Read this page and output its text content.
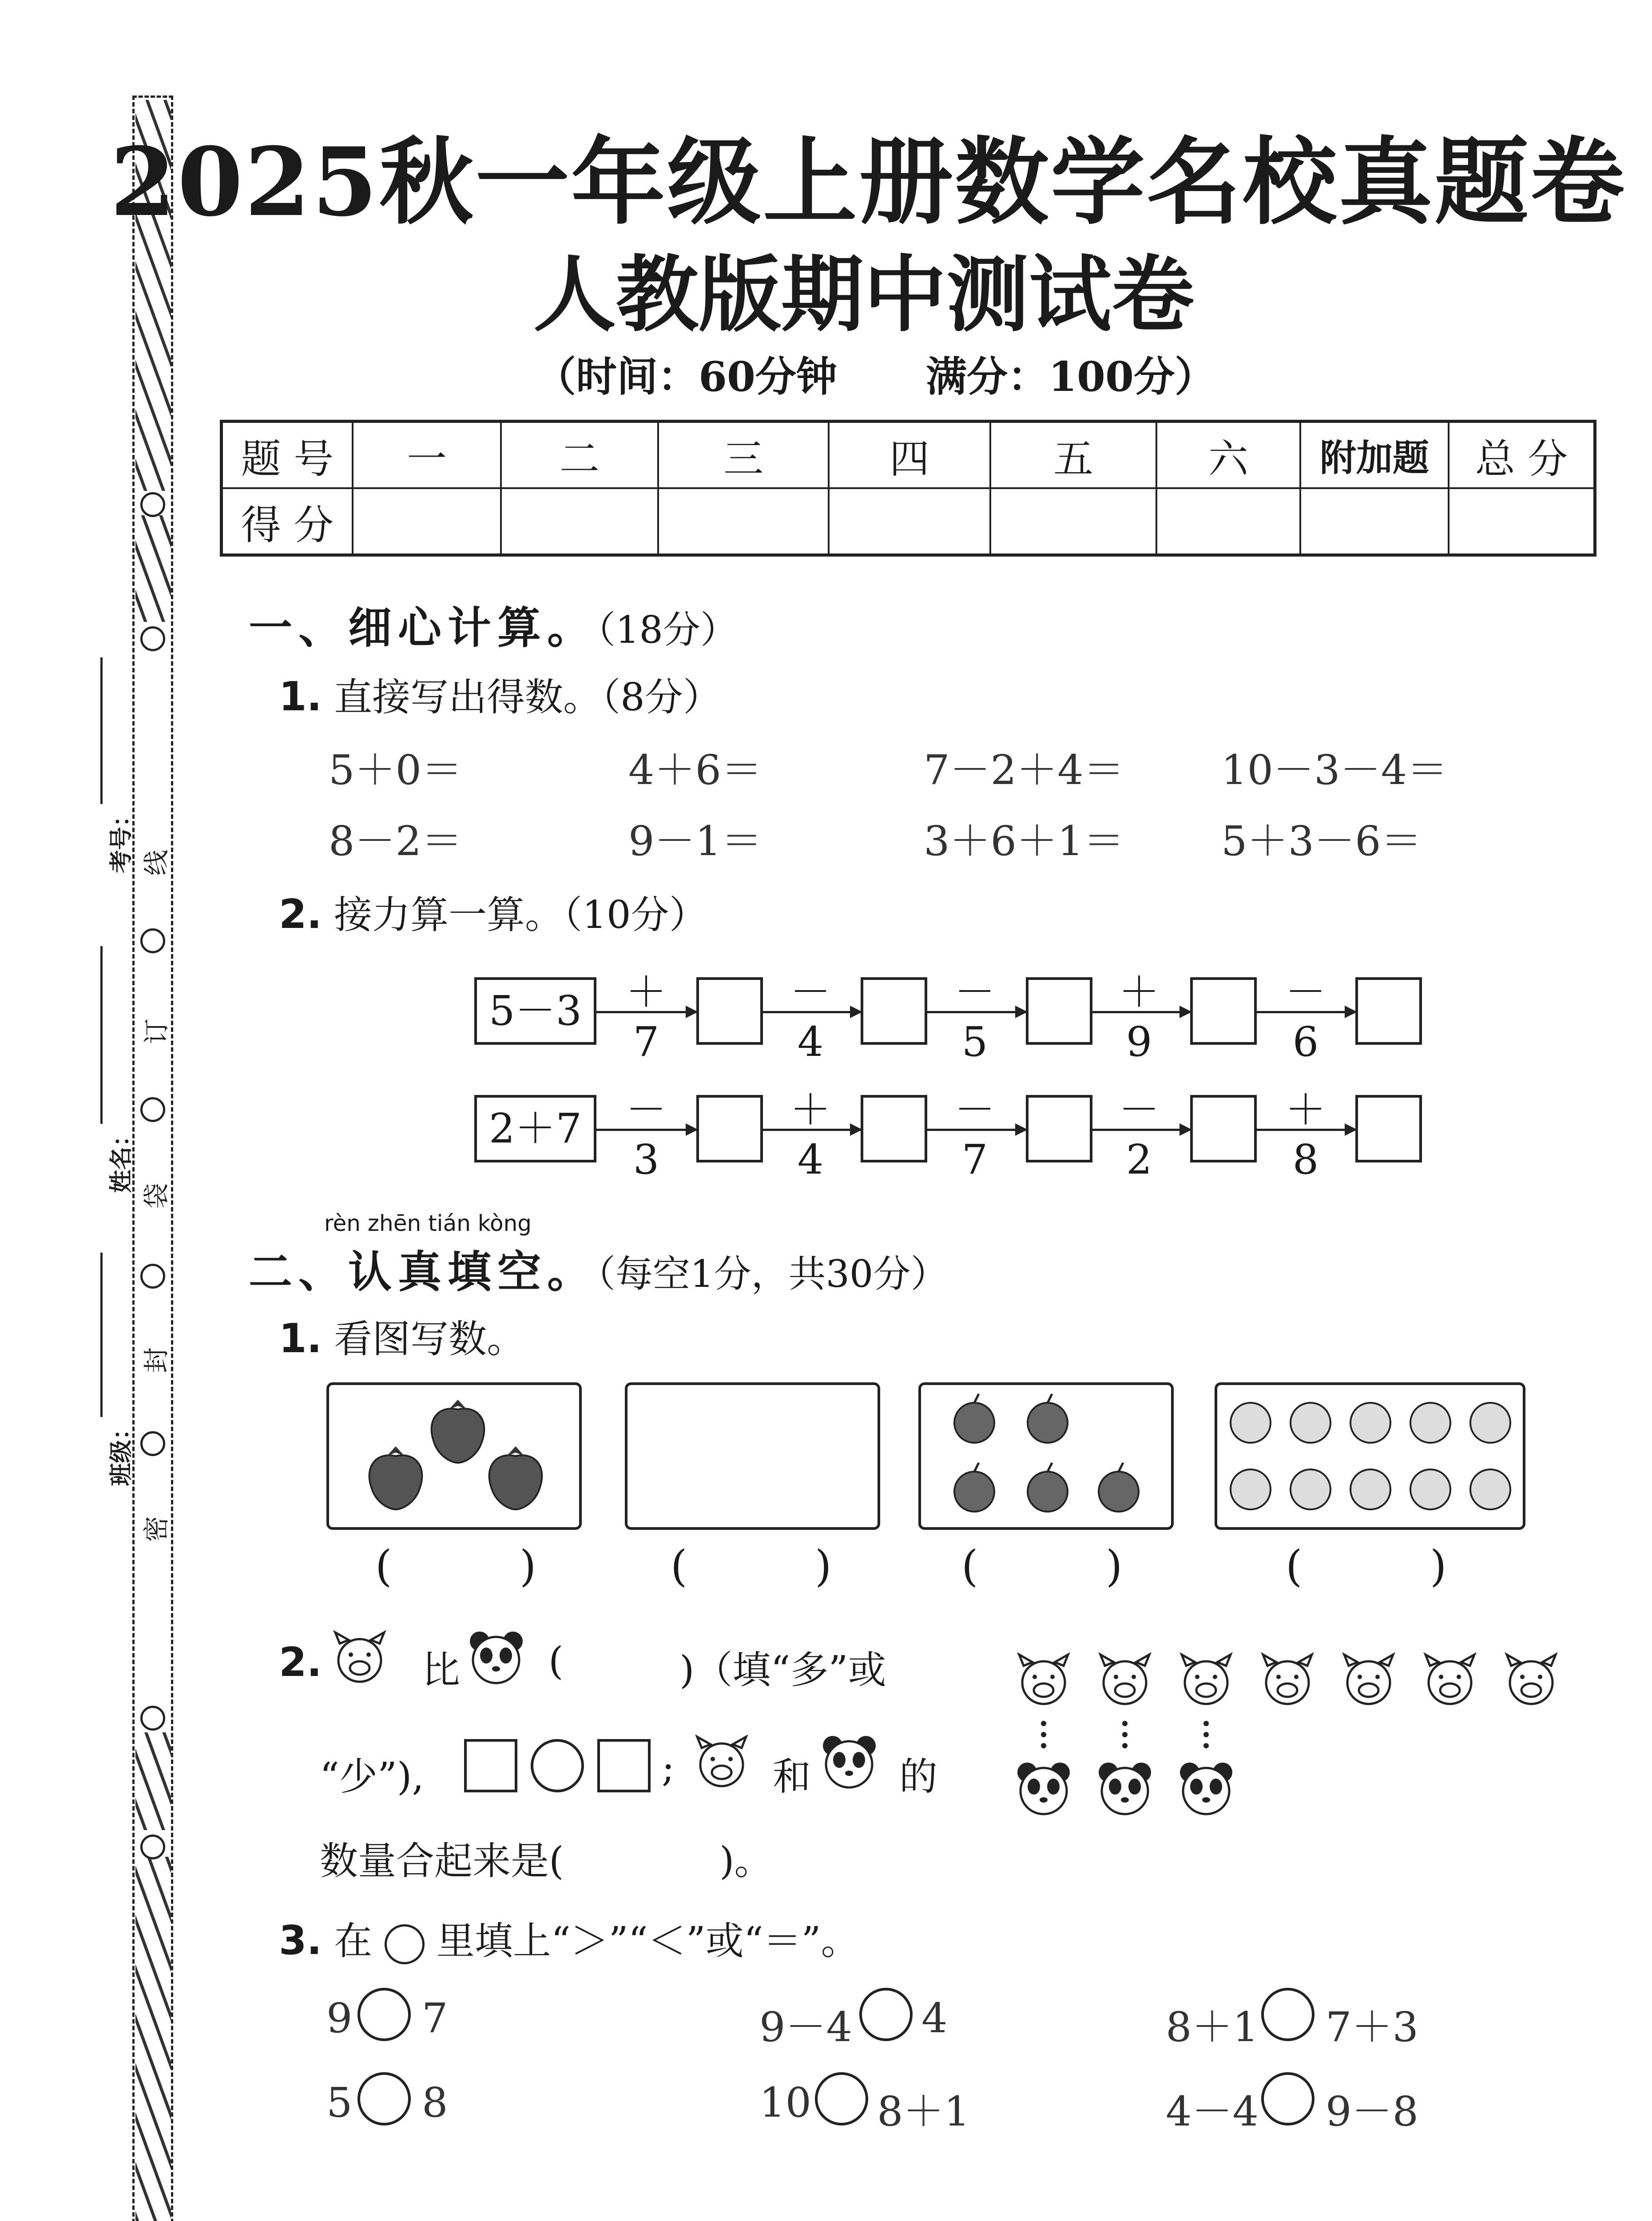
线
订
袋
封
密
考号：
姓名：
班级：
2025秋一年级上册数学名校真题卷
人教版期中测试卷
（时间：60分钟 满分：100分）
题 号	一	二	三	四	五	六	附加题	总 分
得 分								
一、细心计算。（18分）
1. 直接写出得数。（8分）
5＋0＝	4＋6＝	7－2＋4＝ 10－3－4＝
8－2＝	9－1＝	3＋6＋1＝ 5＋3－6＝
2. 接力算一算。（10分）
5－3	＋7
－4
－5
＋9
－6
2＋7	－3
＋4
－7
－2
＋8
rèn zhēn tián kòng
二、认真填空。（每空1分，共30分）
1. 看图写数。
(	)	(	)	(	)	(	)
2.	比 (	)（填“多”或
“少”),	;	和 的
数量合起来是(	)。
3. 在 里填上“＞”“＜”或“＝”。
9 7	9－4 4	8＋1 7＋3
5 8	10 8＋1	4－4 9－8
